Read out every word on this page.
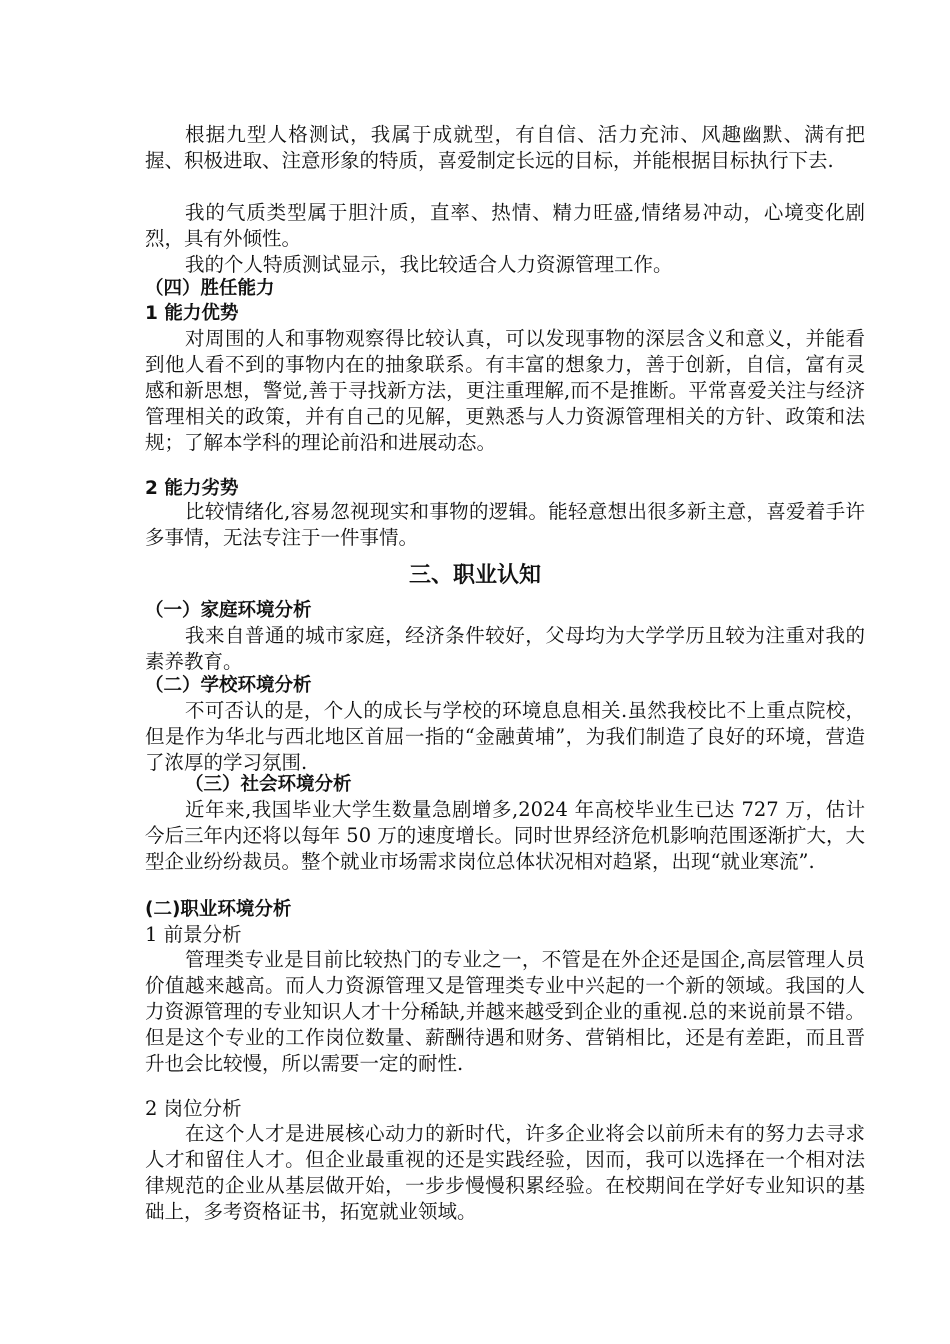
根据九型人格测试，我属于成就型，有自信、活力充沛、风趣幽默、满有把握、积极进取、注意形象的特质，喜爱制定长远的目标，并能根据目标执行下去.

我的气质类型属于胆汁质，直率、热情、精力旺盛,情绪易冲动，心境变化剧烈，具有外倾性。

我的个人特质测试显示，我比较适合人力资源管理工作。

（四）胜任能力
1 能力优势

对周围的人和事物观察得比较认真，可以发现事物的深层含义和意义，并能看到他人看不到的事物内在的抽象联系。有丰富的想象力，善于创新，自信，富有灵感和新思想，警觉,善于寻找新方法，更注重理解,而不是推断。平常喜爱关注与经济管理相关的政策，并有自己的见解，更熟悉与人力资源管理相关的方针、政策和法规；了解本学科的理论前沿和进展动态。

2 能力劣势

比较情绪化,容易忽视现实和事物的逻辑。能轻意想出很多新主意，喜爱着手许多事情，无法专注于一件事情。

三、职业认知
（一）家庭环境分析

我来自普通的城市家庭，经济条件较好，父母均为大学学历且较为注重对我的素养教育。

（二）学校环境分析

不可否认的是，个人的成长与学校的环境息息相关.虽然我校比不上重点院校，但是作为华北与西北地区首屈一指的“金融黄埔”，为我们制造了良好的环境，营造了浓厚的学习氛围.

（三）社会环境分析

近年来,我国毕业大学生数量急剧增多,2024 年高校毕业生已达 727 万，估计今后三年内还将以每年 50 万的速度增长。同时世界经济危机影响范围逐渐扩大，大型企业纷纷裁员。整个就业市场需求岗位总体状况相对趋紧，出现“就业寒流”.

(二)职业环境分析
1 前景分析

管理类专业是目前比较热门的专业之一，不管是在外企还是国企,高层管理人员价值越来越高。而人力资源管理又是管理类专业中兴起的一个新的领域。我国的人力资源管理的专业知识人才十分稀缺,并越来越受到企业的重视.总的来说前景不错。但是这个专业的工作岗位数量、薪酬待遇和财务、营销相比，还是有差距，而且晋升也会比较慢，所以需要一定的耐性.

2 岗位分析

在这个人才是进展核心动力的新时代，许多企业将会以前所未有的努力去寻求人才和留住人才。但企业最重视的还是实践经验，因而，我可以选择在一个相对法律规范的企业从基层做开始，一步步慢慢积累经验。在校期间在学好专业知识的基础上，多考资格证书，拓宽就业领域。
